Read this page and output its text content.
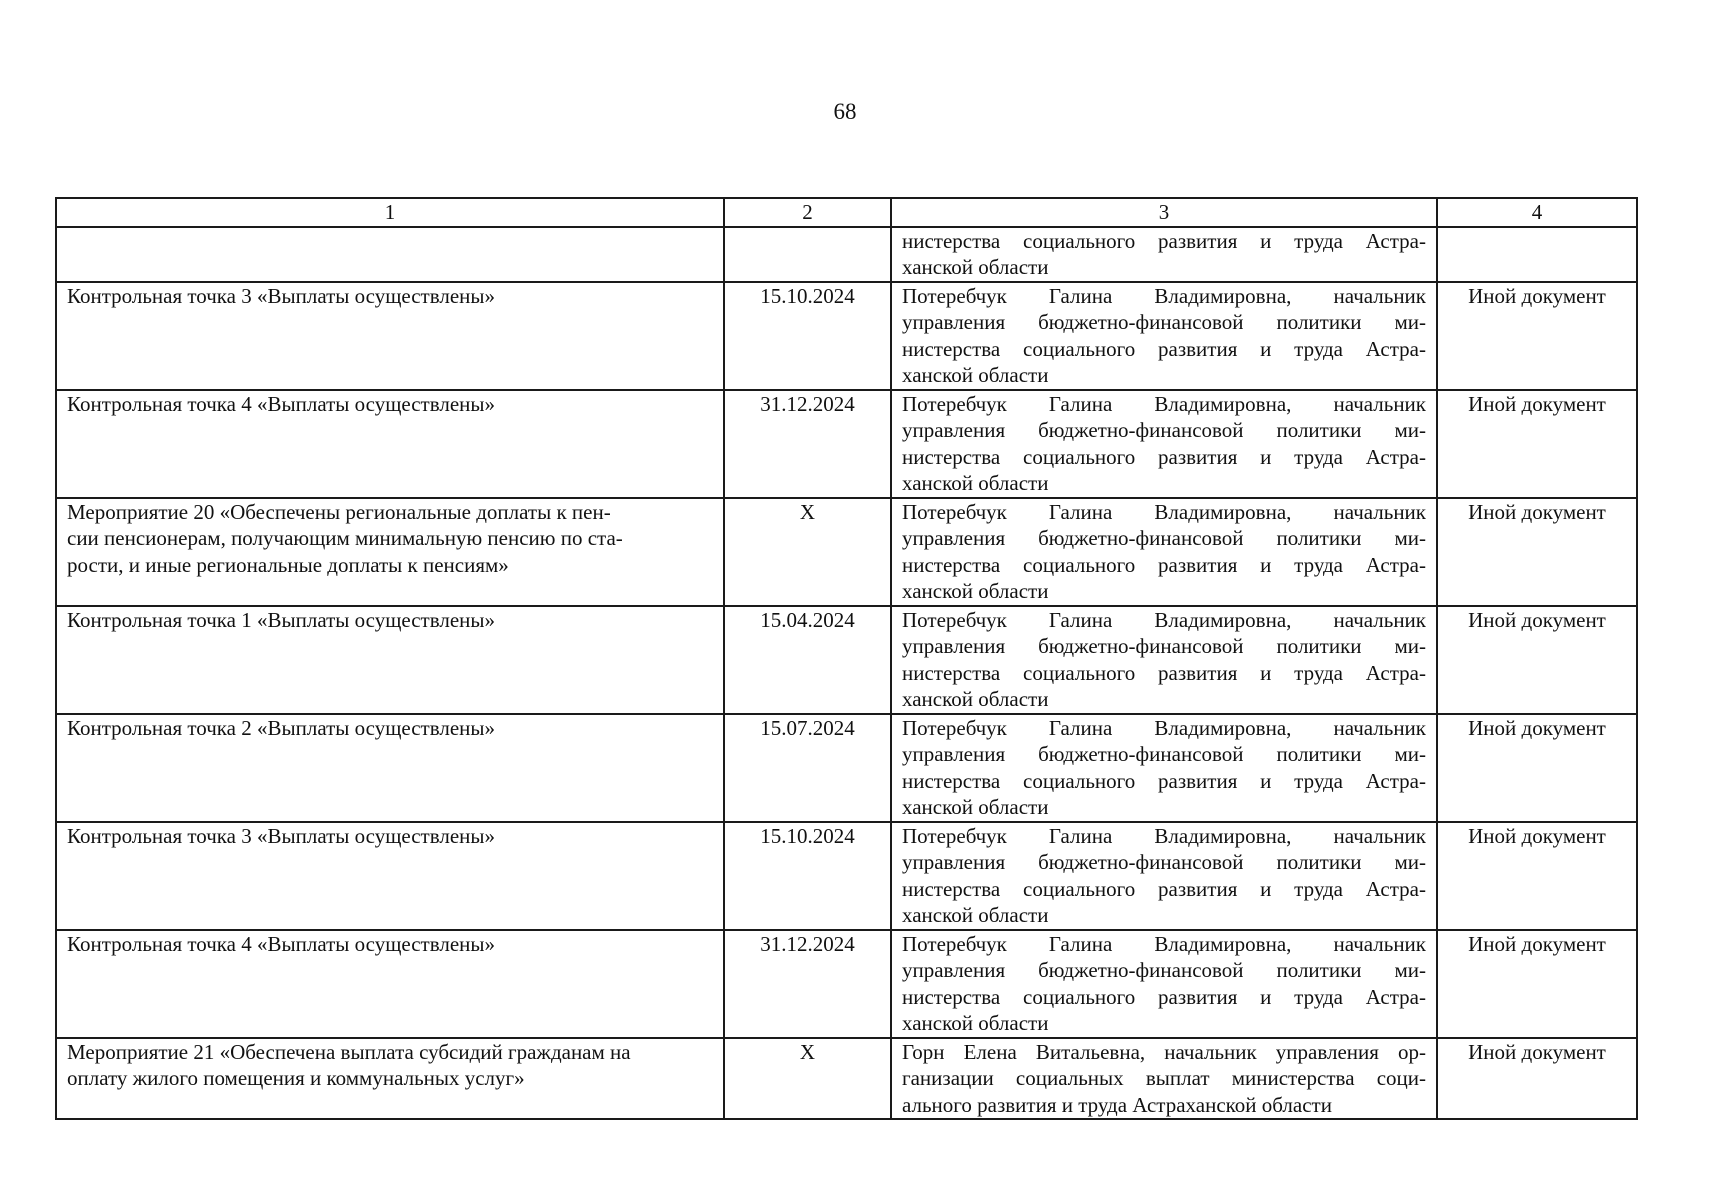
68
1	2	3	4

		нистерства социального развития и труда Астра-
ханской области	

Контрольная точка 3 «Выплаты осуществлены»	15.10.2024	Потеребчук Галина Владимировна, начальник
управления бюджетно-финансовой политики ми-
нистерства социального развития и труда Астра-
ханской области	Иной документ

Контрольная точка 4 «Выплаты осуществлены»	31.12.2024	Потеребчук Галина Владимировна, начальник
управления бюджетно-финансовой политики ми-
нистерства социального развития и труда Астра-
ханской области	Иной документ

Мероприятие 20 «Обеспечены региональные доплаты к пен-
сии пенсионерам, получающим минимальную пенсию по ста-
рости, и иные региональные доплаты к пенсиям»	X	Потеребчук Галина Владимировна, начальник
управления бюджетно-финансовой политики ми-
нистерства социального развития и труда Астра-
ханской области	Иной документ

Контрольная точка 1 «Выплаты осуществлены»	15.04.2024	Потеребчук Галина Владимировна, начальник
управления бюджетно-финансовой политики ми-
нистерства социального развития и труда Астра-
ханской области	Иной документ

Контрольная точка 2 «Выплаты осуществлены»	15.07.2024	Потеребчук Галина Владимировна, начальник
управления бюджетно-финансовой политики ми-
нистерства социального развития и труда Астра-
ханской области	Иной документ

Контрольная точка 3 «Выплаты осуществлены»	15.10.2024	Потеребчук Галина Владимировна, начальник
управления бюджетно-финансовой политики ми-
нистерства социального развития и труда Астра-
ханской области	Иной документ

Контрольная точка 4 «Выплаты осуществлены»	31.12.2024	Потеребчук Галина Владимировна, начальник
управления бюджетно-финансовой политики ми-
нистерства социального развития и труда Астра-
ханской области	Иной документ

Мероприятие 21 «Обеспечена выплата субсидий гражданам на
оплату жилого помещения и коммунальных услуг»	X	Горн Елена Витальевна, начальник управления ор-
ганизации социальных выплат министерства соци-
ального развития и труда Астраханской области	Иной документ
